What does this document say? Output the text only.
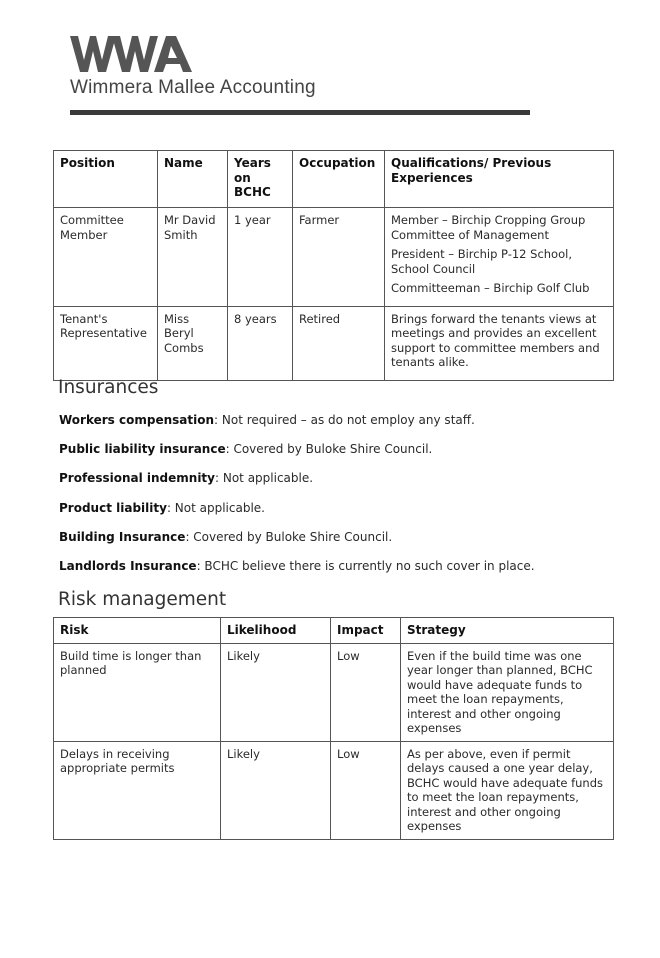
Wimmera Mallee Accounting
Position	Name	Years on BCHC	Occupation	Qualifications/ Previous Experiences
Committee Member	Mr David Smith	1 year	Farmer	Member – Birchip Cropping Group Committee of Management

President – Birchip P-12 School, School Council

Committeeman – Birchip Golf Club

Tenant's Representative	Miss Beryl Combs	8 years	Retired	Brings forward the tenants views at meetings and provides an excellent support to committee members and tenants alike.

Insurances

Workers compensation: Not required – as do not employ any staff.

Public liability insurance: Covered by Buloke Shire Council.

Professional indemnity: Not applicable.

Product liability: Not applicable.

Building Insurance: Covered by Buloke Shire Council.

Landlords Insurance: BCHC believe there is currently no such cover in place.

Risk management
Risk	Likelihood	Impact	Strategy
Build time is longer than planned	Likely	Low	Even if the build time was one year longer than planned, BCHC would have adequate funds to meet the loan repayments, interest and other ongoing expenses
Delays in receiving appropriate permits	Likely	Low	As per above, even if permit delays caused a one year delay, BCHC would have adequate funds to meet the loan repayments, interest and other ongoing expenses
